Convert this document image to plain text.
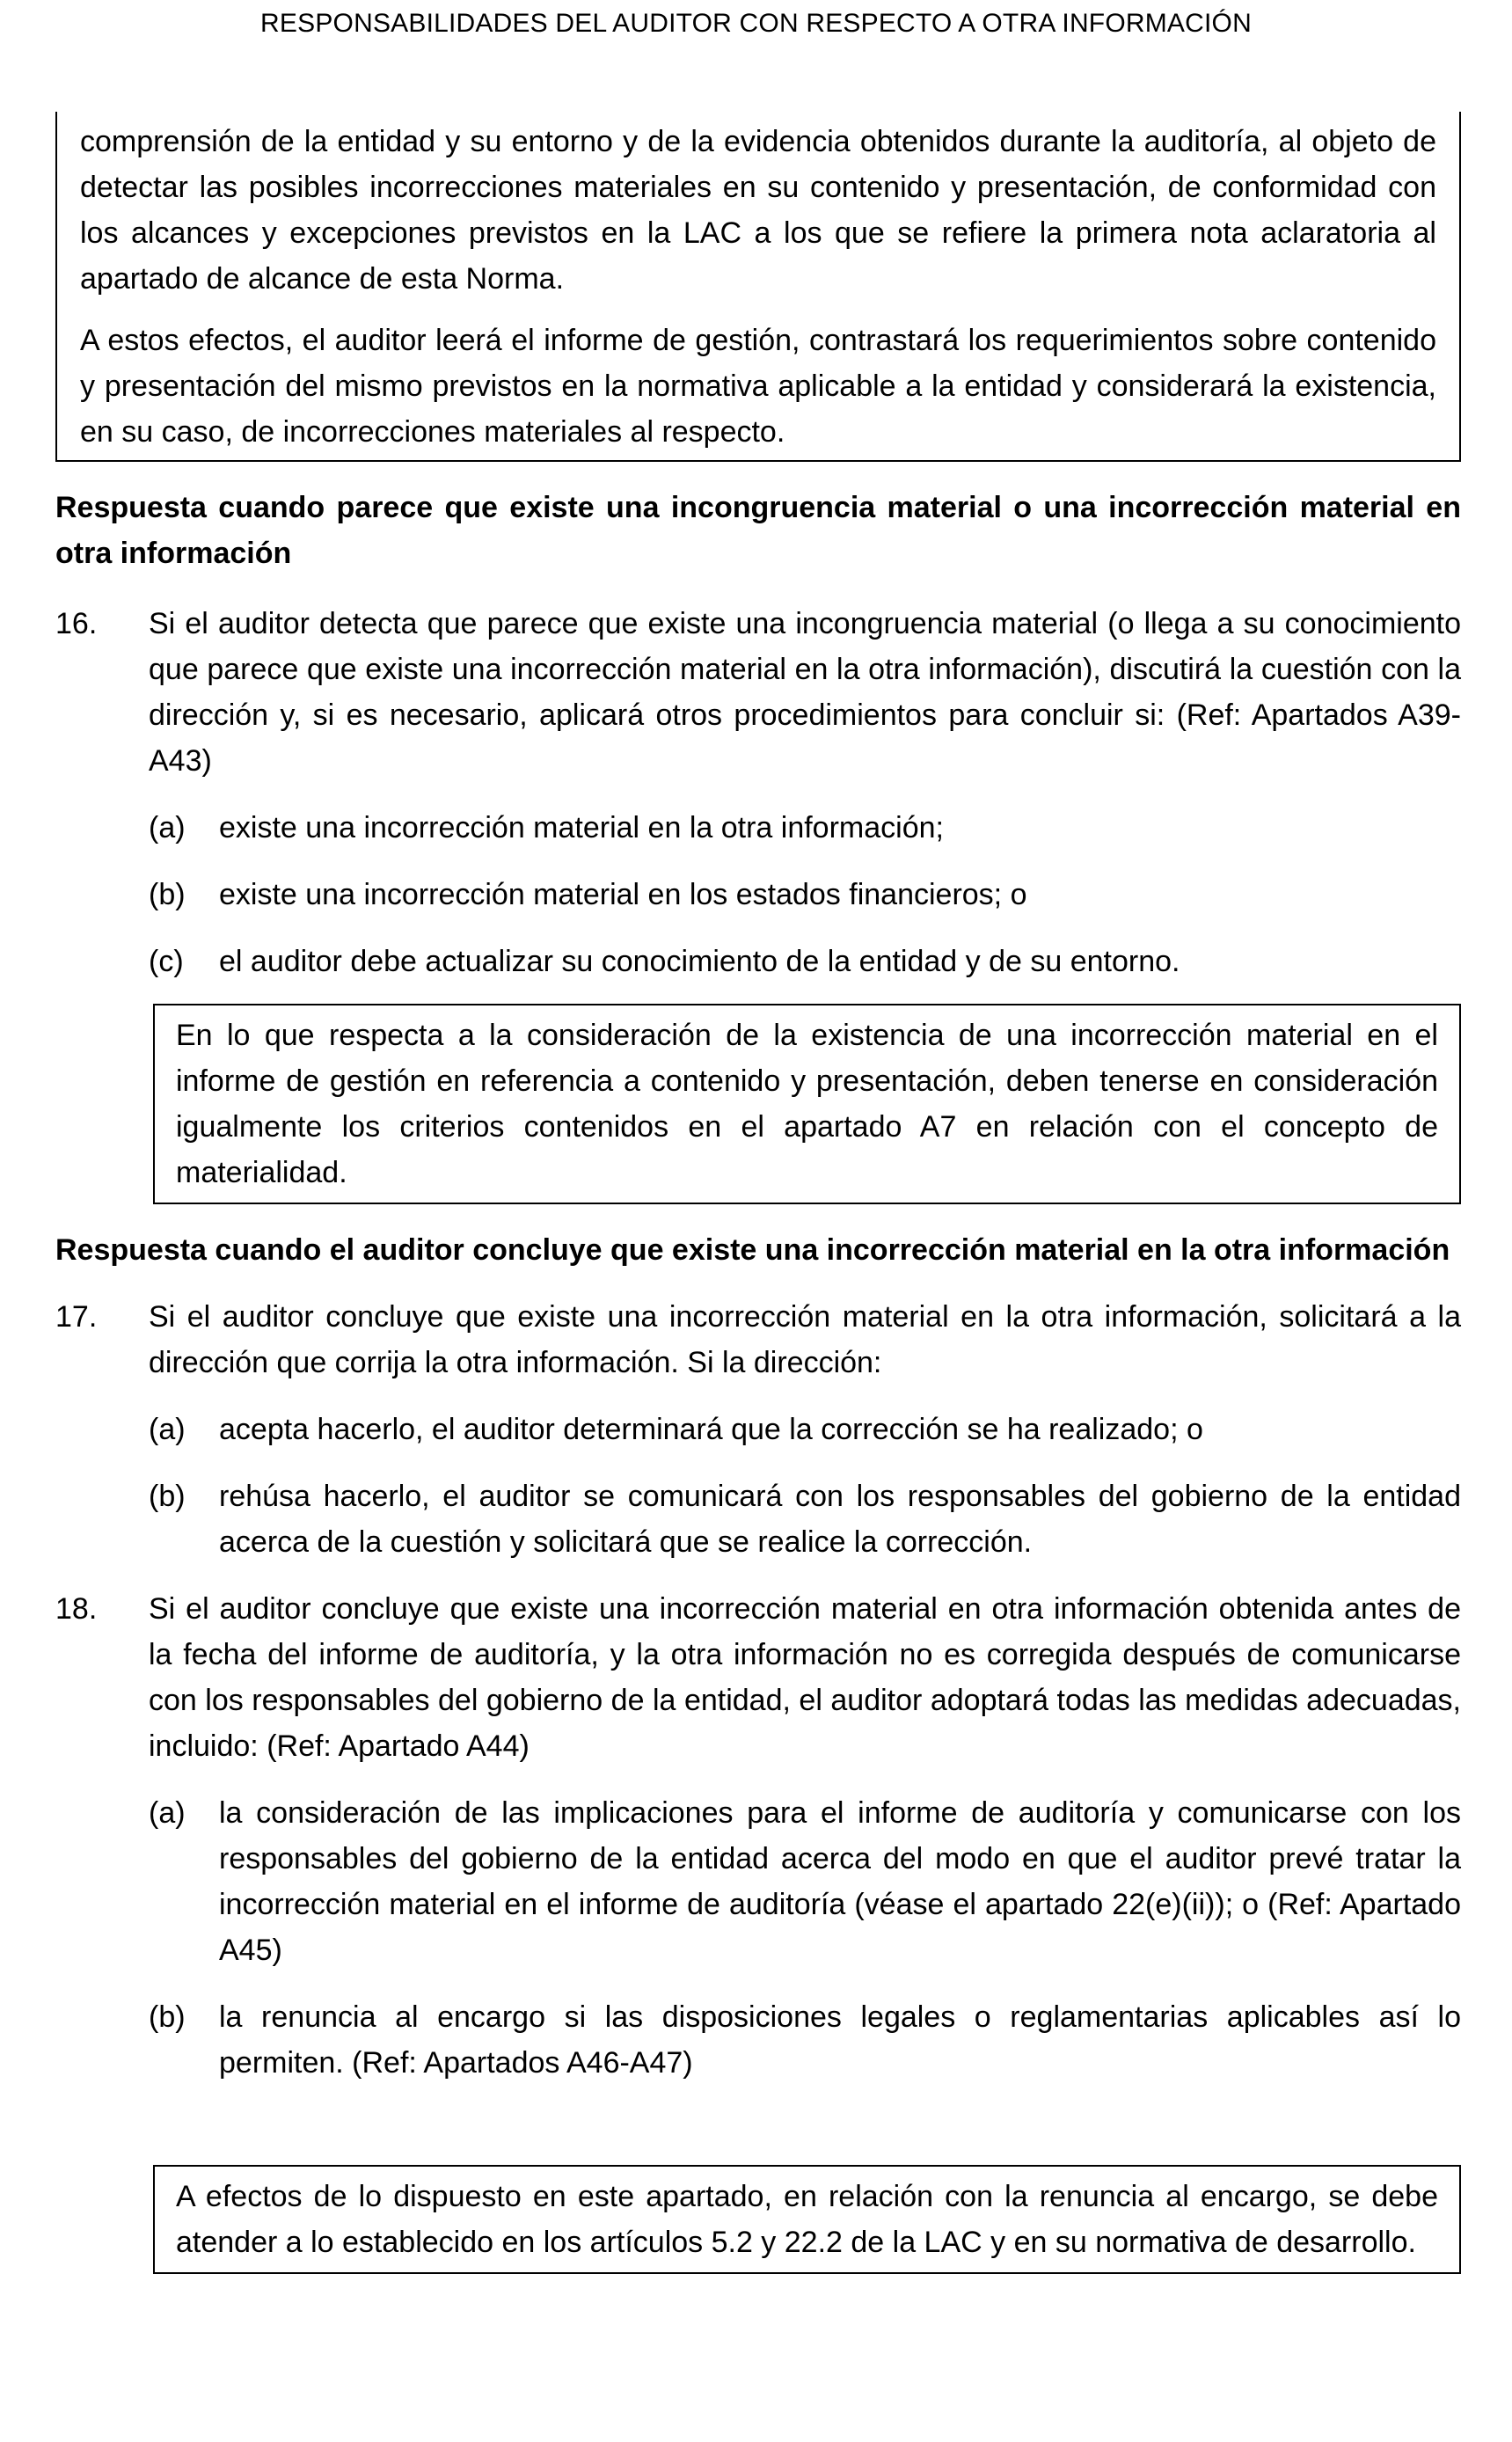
RESPONSABILIDADES DEL AUDITOR CON RESPECTO A OTRA INFORMACIÓN

comprensión de la entidad y su entorno y de la evidencia obtenidos durante la auditoría, al objeto de detectar las posibles incorrecciones materiales en su contenido y presentación, de conformidad con los alcances y excepciones previstos en la LAC a los que se refiere la primera nota aclaratoria al apartado de alcance de esta Norma.

A estos efectos, el auditor leerá el informe de gestión, contrastará los requerimientos sobre contenido y presentación del mismo previstos en la normativa aplicable a la entidad y considerará la existencia, en su caso, de incorrecciones materiales al respecto.

Respuesta cuando parece que existe una incongruencia material o una incorrección material en otra información
16.	Si el auditor detecta que parece que existe una incongruencia material (o llega a su conocimiento que parece que existe una incorrección material en la otra información), discutirá la cuestión con la dirección y, si es necesario, aplicará otros procedimientos para concluir si: (Ref: Apartados A39-A43)
(a)	existe una incorrección material en la otra información;
(b)	existe una incorrección material en los estados financieros; o
(c)	el auditor debe actualizar su conocimiento de la entidad y de su entorno.

En lo que respecta a la consideración de la existencia de una incorrección material en el informe de gestión en referencia a contenido y presentación, deben tenerse en consideración igualmente los criterios contenidos en el apartado A7 en relación con el concepto de materialidad.

Respuesta cuando el auditor concluye que existe una incorrección material en la otra información
17.	Si el auditor concluye que existe una incorrección material en la otra información, solicitará a la dirección que corrija la otra información. Si la dirección:
(a)	acepta hacerlo, el auditor determinará que la corrección se ha realizado; o
(b)	rehúsa hacerlo, el auditor se comunicará con los responsables del gobierno de la entidad acerca de la cuestión y solicitará que se realice la corrección.
18.	Si el auditor concluye que existe una incorrección material en otra información obtenida antes de la fecha del informe de auditoría, y la otra información no es corregida después de comunicarse con los responsables del gobierno de la entidad, el auditor adoptará todas las medidas adecuadas, incluido: (Ref: Apartado A44)
(a)	la consideración de las implicaciones para el informe de auditoría y comunicarse con los responsables del gobierno de la entidad acerca del modo en que el auditor prevé tratar la incorrección material en el informe de auditoría (véase el apartado 22(e)(ii)); o (Ref: Apartado A45)
(b)	la renuncia al encargo si las disposiciones legales o reglamentarias aplicables así lo permiten. (Ref: Apartados A46-A47)

A efectos de lo dispuesto en este apartado, en relación con la renuncia al encargo, se debe atender a lo establecido en los artículos 5.2 y 22.2 de la LAC y en su normativa de desarrollo.
